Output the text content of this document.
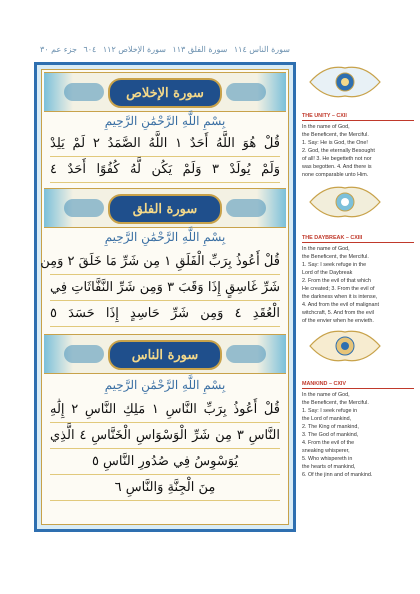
سورة الناس ١١٤
سورة الفلق ١١٣
سورة الإخلاص ١١٢
٦٠٤
جزء عم ٣٠
سورة الإخلاص
بِسْمِ اللَّهِ الرَّحْمَٰنِ الرَّحِيمِ
قُلْ هُوَ اللَّهُ أَحَدٌ ١ اللَّهُ الصَّمَدُ ٢ لَمْ يَلِدْ
وَلَمْ يُولَدْ ٣ وَلَمْ يَكُن لَّهُ كُفُوًا أَحَدٌ ٤
سورة الفلق
بِسْمِ اللَّهِ الرَّحْمَٰنِ الرَّحِيمِ
قُلْ أَعُوذُ بِرَبِّ الْفَلَقِ ١ مِن شَرِّ مَا خَلَقَ ٢ وَمِن
شَرِّ غَاسِقٍ إِذَا وَقَبَ ٣ وَمِن شَرِّ النَّفَّاثَاتِ فِي
الْعُقَدِ ٤ وَمِن شَرِّ حَاسِدٍ إِذَا حَسَدَ ٥
سورة الناس
بِسْمِ اللَّهِ الرَّحْمَٰنِ الرَّحِيمِ
قُلْ أَعُوذُ بِرَبِّ النَّاسِ ١ مَلِكِ النَّاسِ ٢ إِلَٰهِ
النَّاسِ ٣ مِن شَرِّ الْوَسْوَاسِ الْخَنَّاسِ ٤ الَّذِي
يُوَسْوِسُ فِي صُدُورِ النَّاسِ ٥
مِنَ الْجِنَّةِ وَالنَّاسِ ٦
THE UNITY – CXII
In the name of God,
the Beneficent, the Merciful.
1. Say: He is God, the One!
2. God, the eternally Besought
of all! 3. He begetteth not nor
was begotten. 4. And there is
none comparable unto Him.
THE DAYBREAK – CXIII
In the name of God,
the Beneficent, the Merciful.
1. Say: I seek refuge in the
Lord of the Daybreak
2. From the evil of that which
He created; 3. From the evil of
the darkness when it is intense,
4. And from the evil of malignant
witchcraft, 5. And from the evil
of the envier when he envieth.
MANKIND – CXIV
In the name of God,
the Beneficent, the Merciful.
1. Say: I seek refuge in
the Lord of mankind,
2. The King of mankind,
3. The God of mankind,
4. From the evil of the
sneaking whisperer,
5. Who whispereth in
the hearts of mankind,
6. Of the jinn and of mankind.
